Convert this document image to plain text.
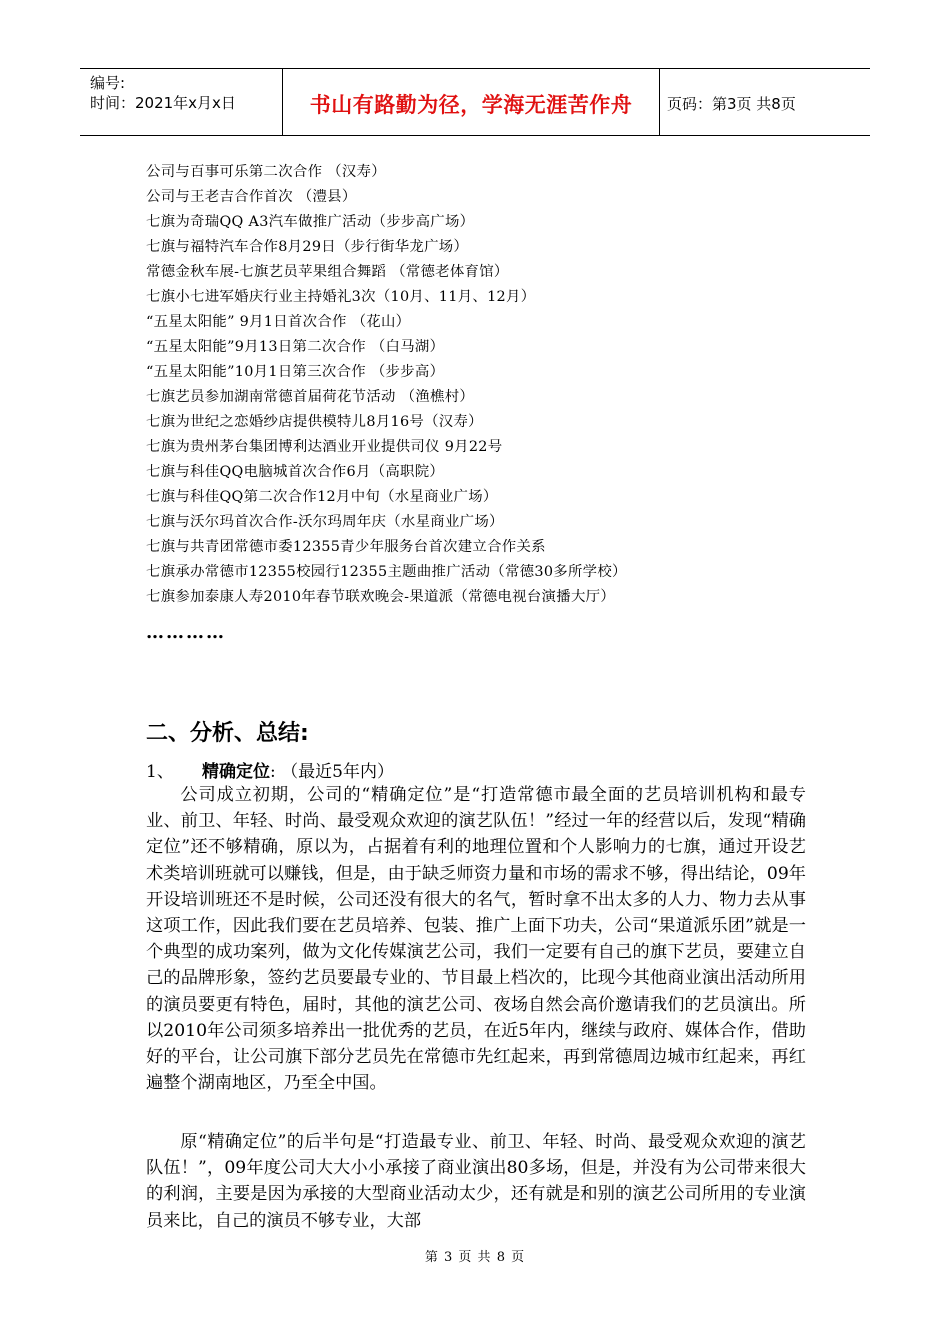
编号:
时间：2021年x月x日	书山有路勤为径，学海无涯苦作舟	页码：第3页 共8页
公司与百事可乐第二次合作 （汉寿）
公司与王老吉合作首次 （澧县）
七旗为奇瑞QQ A3汽车做推广活动（步步高广场）
七旗与福特汽车合作8月29日（步行街华龙广场）
常德金秋车展-七旗艺员苹果组合舞蹈 （常德老体育馆）
七旗小七进军婚庆行业主持婚礼3次（10月、11月、12月）
“五星太阳能” 9月1日首次合作 （花山）
“五星太阳能”9月13日第二次合作 （白马湖）
“五星太阳能”10月1日第三次合作 （步步高）
七旗艺员参加湖南常德首届荷花节活动 （渔樵村）
七旗为世纪之恋婚纱店提供模特儿8月16号（汉寿）
七旗为贵州茅台集团博利达酒业开业提供司仪 9月22号
七旗与科佳QQ电脑城首次合作6月（高职院）
七旗与科佳QQ第二次合作12月中旬（水星商业广场）
七旗与沃尔玛首次合作-沃尔玛周年庆（水星商业广场）
七旗与共青团常德市委12355青少年服务台首次建立合作关系
七旗承办常德市12355校园行12355主题曲推广活动（常德30多所学校）
七旗参加泰康人寿2010年春节联欢晚会-果道派（常德电视台演播大厅）
…………
二、分析、总结:
1、 精确定位: （最近5年内）

公司成立初期，公司的“精确定位”是“打造常德市最全面的艺员培训机构和最专业、前卫、年轻、时尚、最受观众欢迎的演艺队伍！”经过一年的经营以后，发现“精确定位”还不够精确，原以为，占据着有利的地理位置和个人影响力的七旗，通过开设艺术类培训班就可以赚钱，但是，由于缺乏师资力量和市场的需求不够，得出结论，09年开设培训班还不是时候，公司还没有很大的名气，暂时拿不出太多的人力、物力去从事这项工作，因此我们要在艺员培养、包装、推广上面下功夫，公司“果道派乐团”就是一个典型的成功案列，做为文化传媒演艺公司，我们一定要有自己的旗下艺员，要建立自己的品牌形象，签约艺员要最专业的、节目最上档次的，比现今其他商业演出活动所用的演员要更有特色，届时，其他的演艺公司、夜场自然会高价邀请我们的艺员演出。所以2010年公司须多培养出一批优秀的艺员，在近5年内，继续与政府、媒体合作，借助好的平台，让公司旗下部分艺员先在常德市先红起来，再到常德周边城市红起来，再红遍整个湖南地区，乃至全中国。

原“精确定位”的后半句是“打造最专业、前卫、年轻、时尚、最受观众欢迎的演艺队伍！”，09年度公司大大小小承接了商业演出80多场，但是，并没有为公司带来很大的利润，主要是因为承接的大型商业活动太少，还有就是和别的演艺公司所用的专业演员来比，自己的演员不够专业，大部

第 3 页 共 8 页
